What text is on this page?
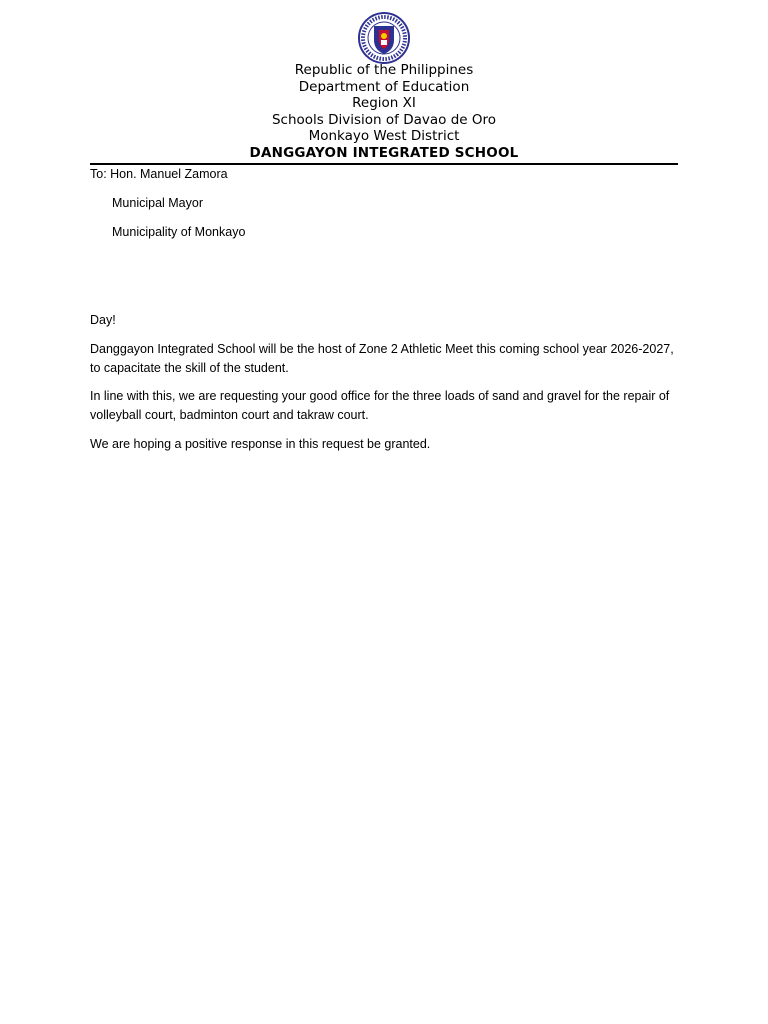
Republic of the Philippines
Department of Education
Region XI
Schools Division of Davao de Oro
Monkayo West District
DANGGAYON INTEGRATED SCHOOL
To: Hon. Manuel Zamora
Municipal Mayor
Municipality of Monkayo
Day!
Danggayon Integrated School will be the host of Zone 2 Athletic Meet this coming school year 2026-2027, to capacitate the skill of the student.
In line with this, we are requesting your good office for the three loads of sand and gravel for the repair of volleyball court, badminton court and takraw court.
We are hoping a positive response in this request be granted.
